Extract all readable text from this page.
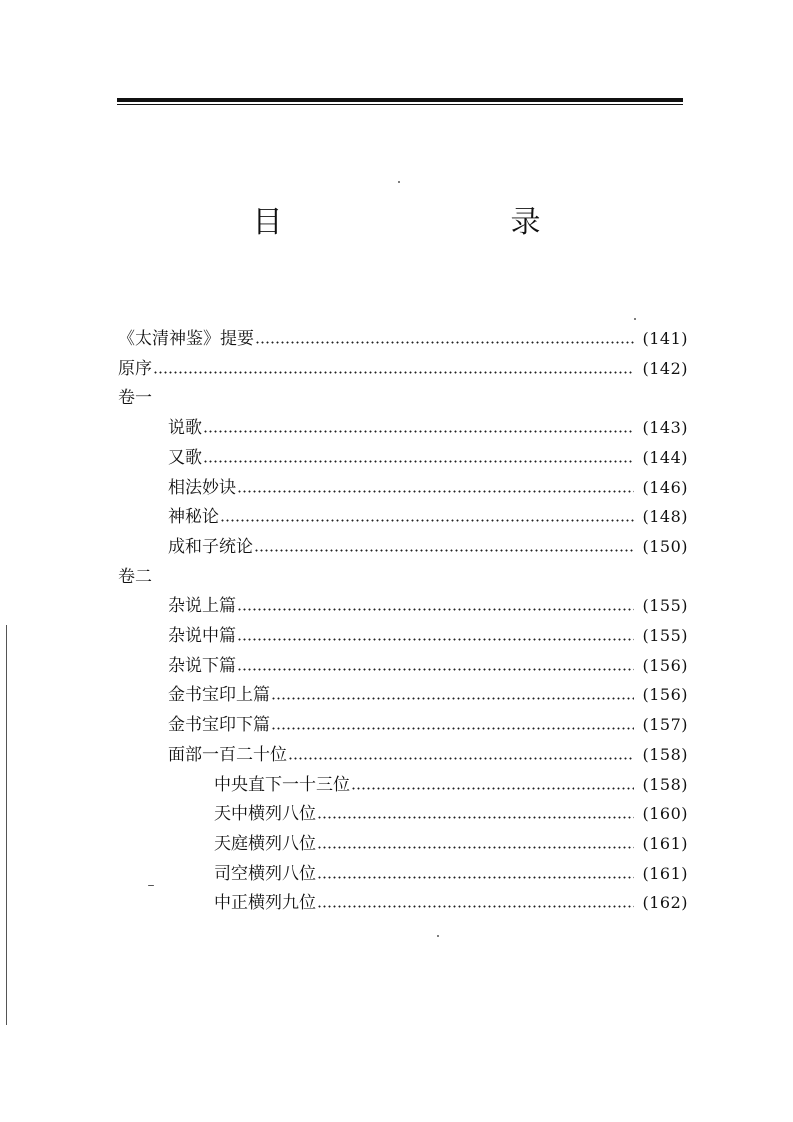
目　　录
《太清神鉴》提要	(141)
原序	(142)
卷一
说歌	(143)
又歌	(144)
相法妙诀	(146)
神秘论	(148)
成和子统论	(150)
卷二
杂说上篇	(155)
杂说中篇	(155)
杂说下篇	(156)
金书宝印上篇	(156)
金书宝印下篇	(157)
面部一百二十位	(158)
中央直下一十三位	(158)
天中横列八位	(160)
天庭横列八位	(161)
司空横列八位	(161)
中正横列九位	(162)
